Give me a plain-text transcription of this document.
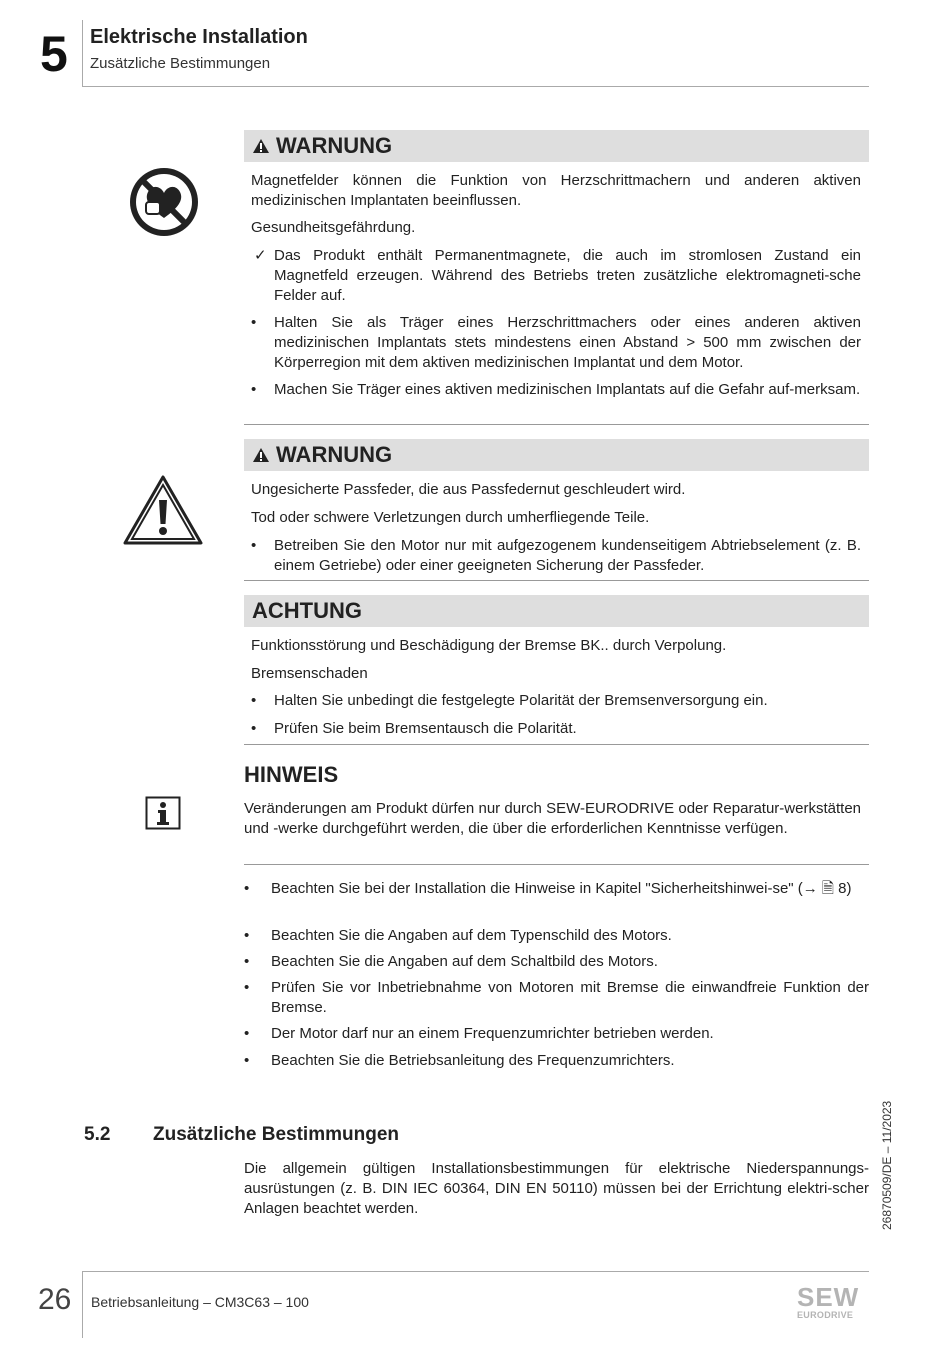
5 Elektrische Installation
Zusätzliche Bestimmungen
WARNUNG
Magnetfelder können die Funktion von Herzschrittmachern und anderen aktiven medizinischen Implantaten beeinflussen.
Gesundheitsgefährdung.
✓ Das Produkt enthält Permanentmagnete, die auch im stromlosen Zustand ein Magnetfeld erzeugen. Während des Betriebs treten zusätzliche elektromagneti-sche Felder auf.
• Halten Sie als Träger eines Herzschrittmachers oder eines anderen aktiven medizinischen Implantats stets mindestens einen Abstand > 500 mm zwischen der Körperregion mit dem aktiven medizinischen Implantat und dem Motor.
• Machen Sie Träger eines aktiven medizinischen Implantats auf die Gefahr auf-merksam.
WARNUNG
Ungesicherte Passfeder, die aus Passfedernut geschleudert wird.
Tod oder schwere Verletzungen durch umherfliegende Teile.
• Betreiben Sie den Motor nur mit aufgezogenem kundenseitigem Abtriebselement (z. B. einem Getriebe) oder einer geeigneten Sicherung der Passfeder.
ACHTUNG
Funktionsstörung und Beschädigung der Bremse BK.. durch Verpolung.
Bremsenschaden
• Halten Sie unbedingt die festgelegte Polarität der Bremsenversorgung ein.
• Prüfen Sie beim Bremsentausch die Polarität.
HINWEIS
Veränderungen am Produkt dürfen nur durch SEW-EURODRIVE oder Reparatur-werkstätten und -werke durchgeführt werden, die über die erforderlichen Kenntnisse verfügen.
• Beachten Sie bei der Installation die Hinweise in Kapitel "Sicherheitshinwei-se" (→ 🗎 8)
• Beachten Sie die Angaben auf dem Typenschild des Motors.
• Beachten Sie die Angaben auf dem Schaltbild des Motors.
• Prüfen Sie vor Inbetriebnahme von Motoren mit Bremse die einwandfreie Funktion der Bremse.
• Der Motor darf nur an einem Frequenzumrichter betrieben werden.
• Beachten Sie die Betriebsanleitung des Frequenzumrichters.
5.2 Zusätzliche Bestimmungen
Die allgemein gültigen Installationsbestimmungen für elektrische Niederspannungs-ausrüstungen (z. B. DIN IEC 60364, DIN EN 50110) müssen bei der Errichtung elektri-scher Anlagen beachtet werden.	26870509/DE – 11/2023
26 Betriebsanleitung – CM3C63 – 100	SEW
EURODRIVE
